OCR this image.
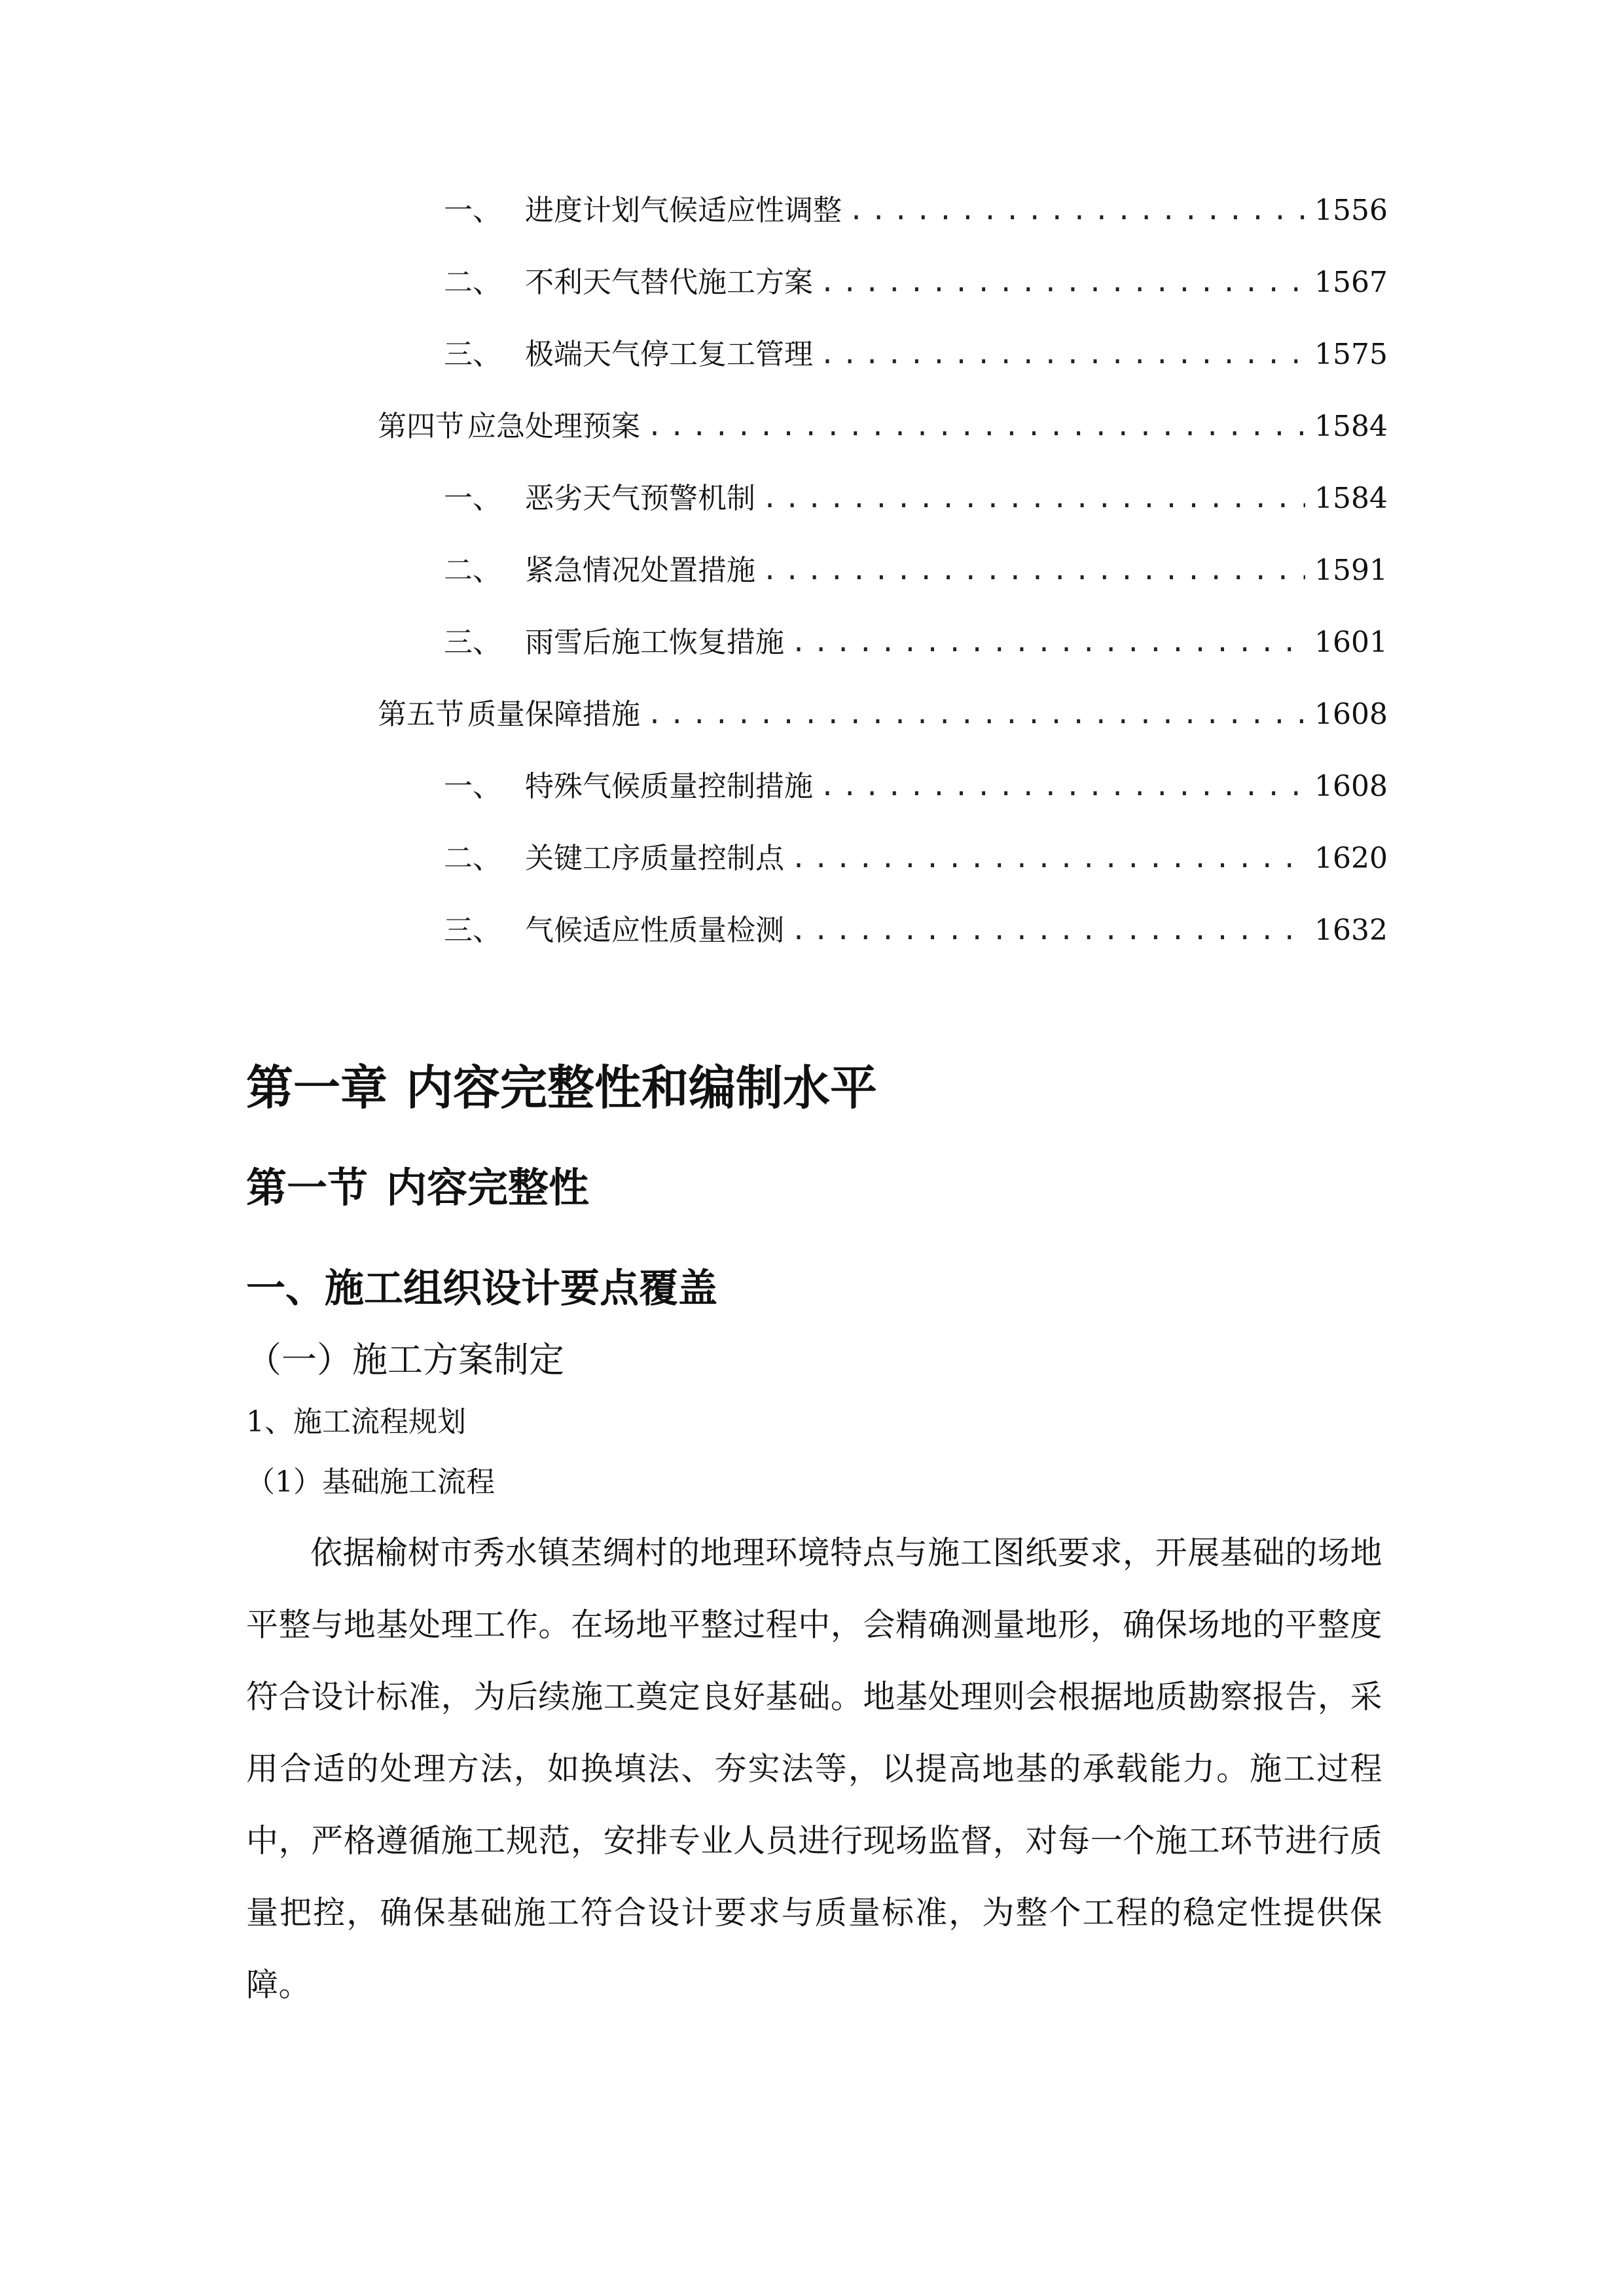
一、 进度计划气候适应性调整 .....	1556
二、 不利天气替代施工方案 .....	1567
三、 极端天气停工复工管理 .....	1575
第四节 应急处理预案 .....	1584
一、 恶劣天气预警机制 .....	1584
二、 紧急情况处置措施 .....	1591
三、 雨雪后施工恢复措施 .....	1601
第五节 质量保障措施 .....	1608
一、 特殊气候质量控制措施 .....	1608
二、 关键工序质量控制点 .....	1620
三、 气候适应性质量检测 .....	1632
第一章 内容完整性和编制水平
第一节 内容完整性
一、施工组织设计要点覆盖
（一）施工方案制定
1、施工流程规划
（1）基础施工流程

依据榆树市秀水镇苤绸村的地理环境特点与施工图纸要求，开展基础的场地平整与地基处理工作。在场地平整过程中，会精确测量地形，确保场地的平整度符合设计标准，为后续施工奠定良好基础。地基处理则会根据地质勘察报告，采用合适的处理方法，如换填法、夯实法等，以提高地基的承载能力。施工过程中，严格遵循施工规范，安排专业人员进行现场监督，对每一个施工环节进行质量把控，确保基础施工符合设计要求与质量标准，为整个工程的稳定性提供保障。
